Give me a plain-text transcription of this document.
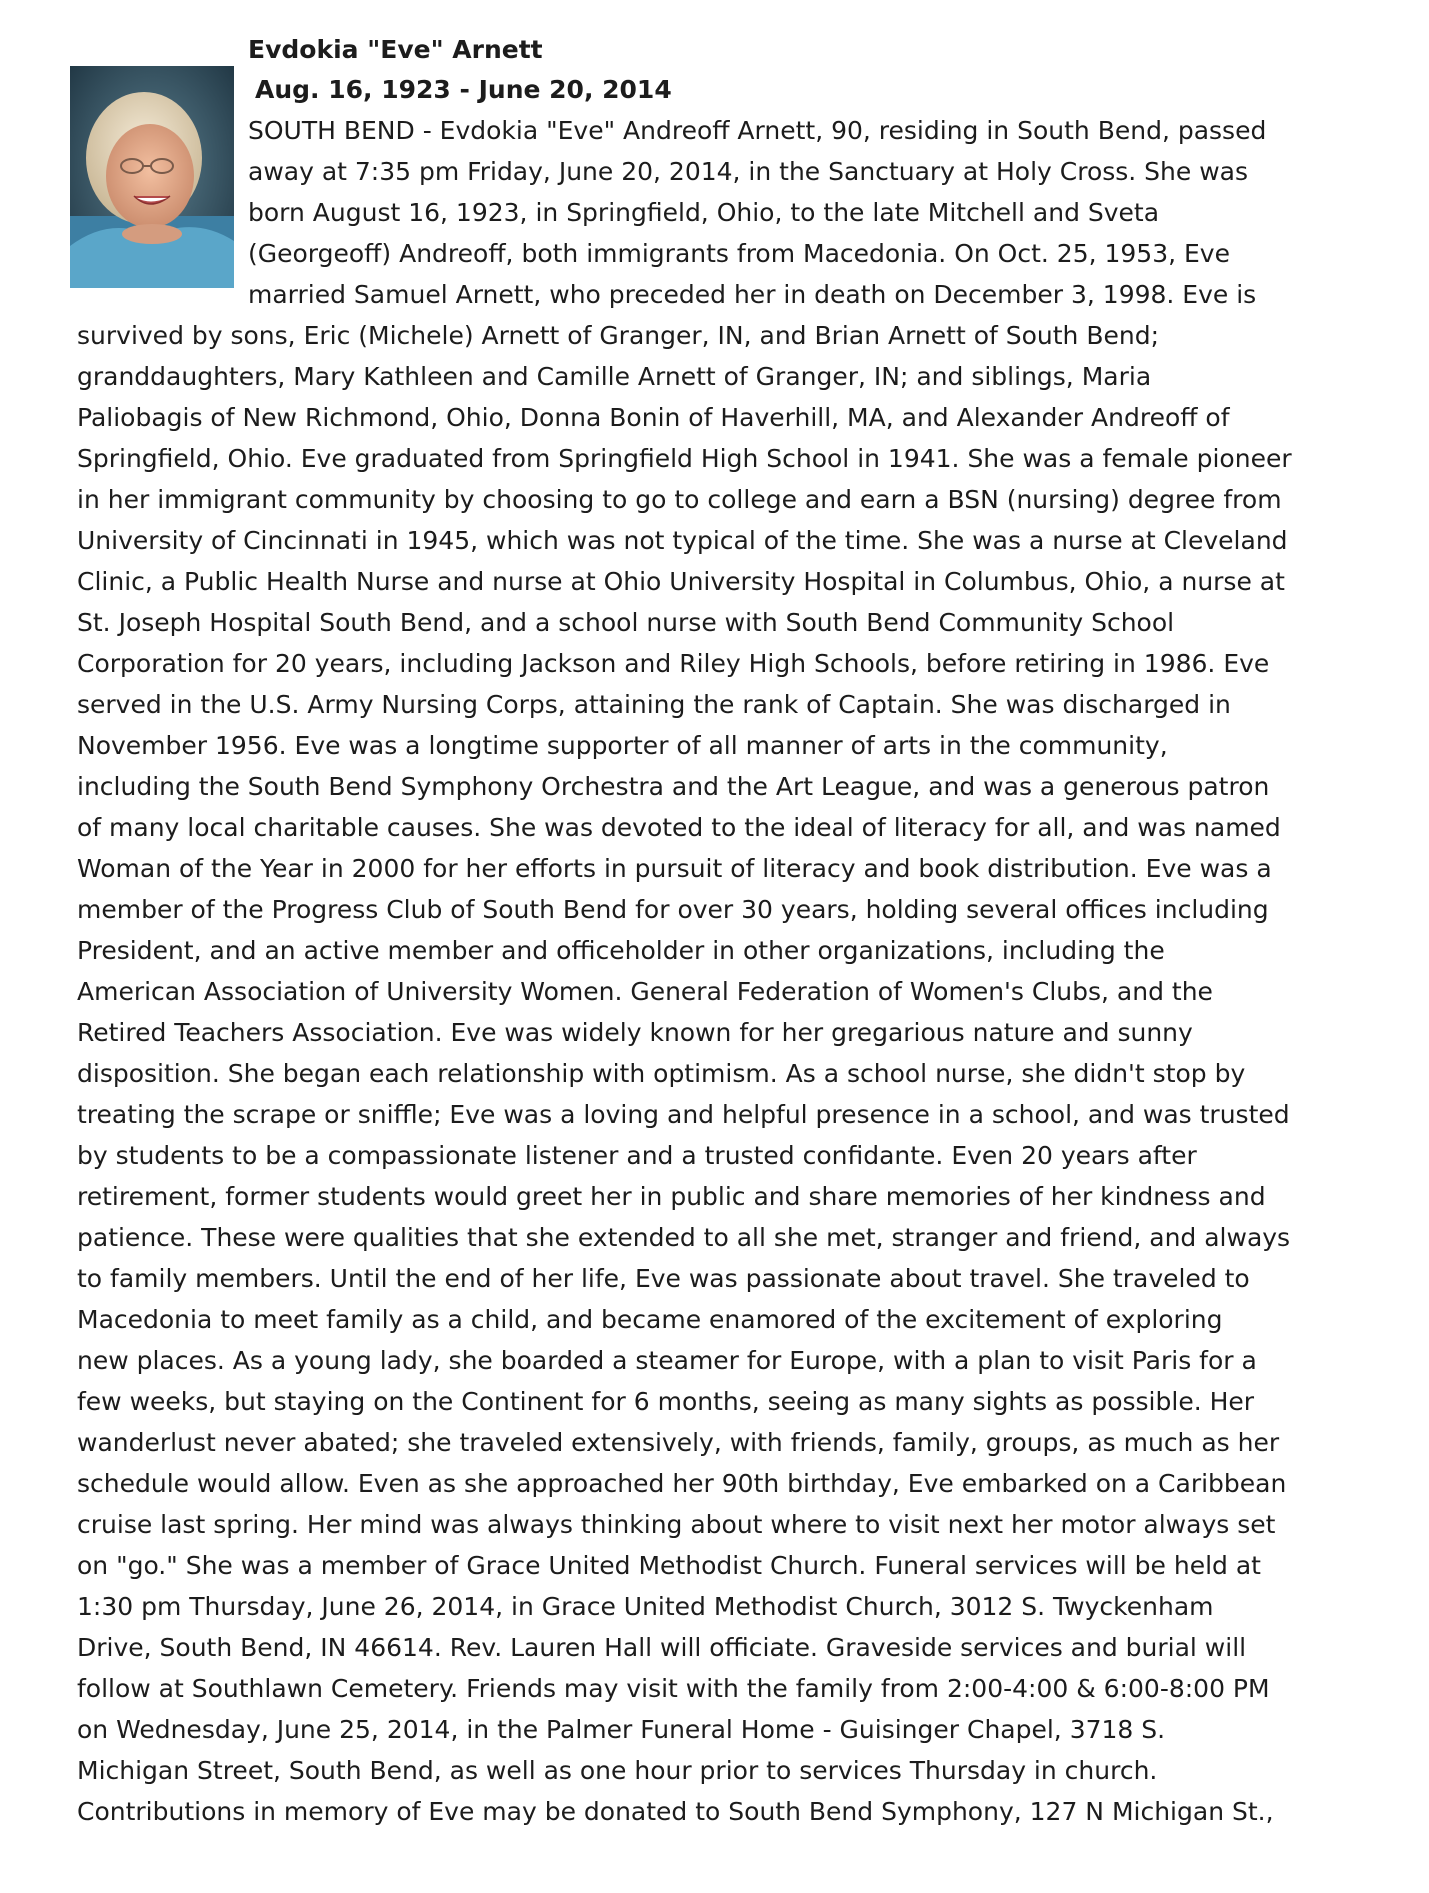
Evdokia "Eve" Arnett
Aug. 16, 1923 - June 20, 2014
SOUTH BEND - Evdokia "Eve" Andreoff Arnett, 90, residing in South Bend, passed
away at 7:35 pm Friday, June 20, 2014, in the Sanctuary at Holy Cross. She was
born August 16, 1923, in Springfield, Ohio, to the late Mitchell and Sveta
(Georgeoff) Andreoff, both immigrants from Macedonia. On Oct. 25, 1953, Eve
married Samuel Arnett, who preceded her in death on December 3, 1998. Eve is
survived by sons, Eric (Michele) Arnett of Granger, IN, and Brian Arnett of South Bend;
granddaughters, Mary Kathleen and Camille Arnett of Granger, IN; and siblings, Maria
Paliobagis of New Richmond, Ohio, Donna Bonin of Haverhill, MA, and Alexander Andreoff of
Springfield, Ohio. Eve graduated from Springfield High School in 1941. She was a female pioneer
in her immigrant community by choosing to go to college and earn a BSN (nursing) degree from
University of Cincinnati in 1945, which was not typical of the time. She was a nurse at Cleveland
Clinic, a Public Health Nurse and nurse at Ohio University Hospital in Columbus, Ohio, a nurse at
St. Joseph Hospital South Bend, and a school nurse with South Bend Community School
Corporation for 20 years, including Jackson and Riley High Schools, before retiring in 1986. Eve
served in the U.S. Army Nursing Corps, attaining the rank of Captain. She was discharged in
November 1956. Eve was a longtime supporter of all manner of arts in the community,
including the South Bend Symphony Orchestra and the Art League, and was a generous patron
of many local charitable causes. She was devoted to the ideal of literacy for all, and was named
Woman of the Year in 2000 for her efforts in pursuit of literacy and book distribution. Eve was a
member of the Progress Club of South Bend for over 30 years, holding several offices including
President, and an active member and officeholder in other organizations, including the
American Association of University Women. General Federation of Women's Clubs, and the
Retired Teachers Association. Eve was widely known for her gregarious nature and sunny
disposition. She began each relationship with optimism. As a school nurse, she didn't stop by
treating the scrape or sniffle; Eve was a loving and helpful presence in a school, and was trusted
by students to be a compassionate listener and a trusted confidante. Even 20 years after
retirement, former students would greet her in public and share memories of her kindness and
patience. These were qualities that she extended to all she met, stranger and friend, and always
to family members. Until the end of her life, Eve was passionate about travel. She traveled to
Macedonia to meet family as a child, and became enamored of the excitement of exploring
new places. As a young lady, she boarded a steamer for Europe, with a plan to visit Paris for a
few weeks, but staying on the Continent for 6 months, seeing as many sights as possible. Her
wanderlust never abated; she traveled extensively, with friends, family, groups, as much as her
schedule would allow. Even as she approached her 90th birthday, Eve embarked on a Caribbean
cruise last spring. Her mind was always thinking about where to visit next her motor always set
on "go." She was a member of Grace United Methodist Church. Funeral services will be held at
1:30 pm Thursday, June 26, 2014, in Grace United Methodist Church, 3012 S. Twyckenham
Drive, South Bend, IN 46614. Rev. Lauren Hall will officiate. Graveside services and burial will
follow at Southlawn Cemetery. Friends may visit with the family from 2:00-4:00 & 6:00-8:00 PM
on Wednesday, June 25, 2014, in the Palmer Funeral Home - Guisinger Chapel, 3718 S.
Michigan Street, South Bend, as well as one hour prior to services Thursday in church.
Contributions in memory of Eve may be donated to South Bend Symphony, 127 N Michigan St.,
